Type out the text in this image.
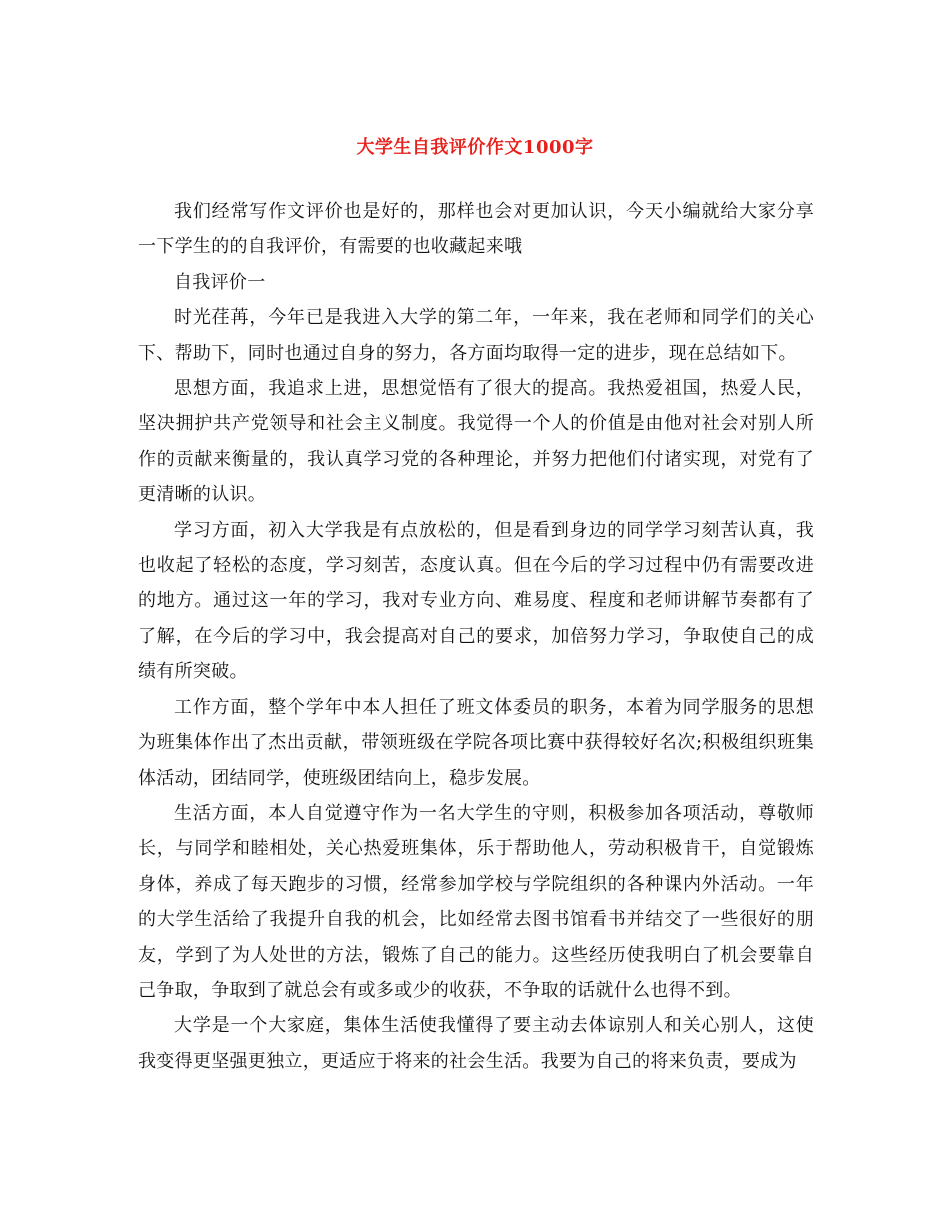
大学生自我评价作文1000字

我们经常写作文评价也是好的，那样也会对更加认识，今天小编就给大家分享一下学生的的自我评价，有需要的也收藏起来哦

自我评价一

时光荏苒，今年已是我进入大学的第二年，一年来，我在老师和同学们的关心下、帮助下，同时也通过自身的努力，各方面均取得一定的进步，现在总结如下。

思想方面，我追求上进，思想觉悟有了很大的提高。我热爱祖国，热爱人民，坚决拥护共产党领导和社会主义制度。我觉得一个人的价值是由他对社会对别人所作的贡献来衡量的，我认真学习党的各种理论，并努力把他们付诸实现，对党有了更清晰的认识。

学习方面，初入大学我是有点放松的，但是看到身边的同学学习刻苦认真，我也收起了轻松的态度，学习刻苦，态度认真。但在今后的学习过程中仍有需要改进的地方。通过这一年的学习，我对专业方向、难易度、程度和老师讲解节奏都有了了解，在今后的学习中，我会提高对自己的要求，加倍努力学习，争取使自己的成绩有所突破。

工作方面，整个学年中本人担任了班文体委员的职务，本着为同学服务的思想为班集体作出了杰出贡献，带领班级在学院各项比赛中获得较好名次;积极组织班集体活动，团结同学，使班级团结向上，稳步发展。

生活方面，本人自觉遵守作为一名大学生的守则，积极参加各项活动，尊敬师长，与同学和睦相处，关心热爱班集体，乐于帮助他人，劳动积极肯干，自觉锻炼身体，养成了每天跑步的习惯，经常参加学校与学院组织的各种课内外活动。一年的大学生活给了我提升自我的机会，比如经常去图书馆看书并结交了一些很好的朋友，学到了为人处世的方法，锻炼了自己的能力。这些经历使我明白了机会要靠自己争取，争取到了就总会有或多或少的收获，不争取的话就什么也得不到。

大学是一个大家庭，集体生活使我懂得了要主动去体谅别人和关心别人，这使我变得更坚强更独立，更适应于将来的社会生活。我要为自己的将来负责，要成为
